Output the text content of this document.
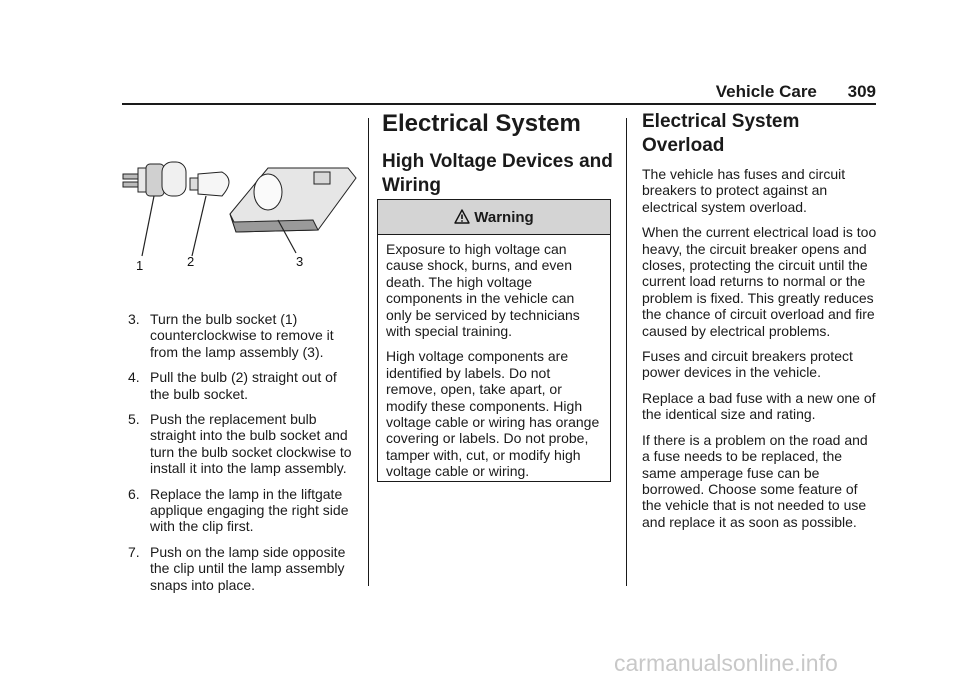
Vehicle Care 309
1	2	3
3. Turn the bulb socket (1) counterclockwise to remove it from the lamp assembly (3).
4. Pull the bulb (2) straight out of the bulb socket.
5. Push the replacement bulb straight into the bulb socket and turn the bulb socket clockwise to install it into the lamp assembly.
6. Replace the lamp in the liftgate applique engaging the right side with the clip first.
7. Push on the lamp side opposite the clip until the lamp assembly snaps into place.
Electrical System
High Voltage Devices and Wiring
Warning

Exposure to high voltage can cause shock, burns, and even death. The high voltage components in the vehicle can only be serviced by technicians with special training.

High voltage components are identified by labels. Do not remove, open, take apart, or modify these components. High voltage cable or wiring has orange covering or labels. Do not probe, tamper with, cut, or modify high voltage cable or wiring.

Electrical System Overload

The vehicle has fuses and circuit breakers to protect against an electrical system overload.

When the current electrical load is too heavy, the circuit breaker opens and closes, protecting the circuit until the current load returns to normal or the problem is fixed. This greatly reduces the chance of circuit overload and fire caused by electrical problems.

Fuses and circuit breakers protect power devices in the vehicle.

Replace a bad fuse with a new one of the identical size and rating.

If there is a problem on the road and a fuse needs to be replaced, the same amperage fuse can be borrowed. Choose some feature of the vehicle that is not needed to use and replace it as soon as possible.

carmanualsonline.info
